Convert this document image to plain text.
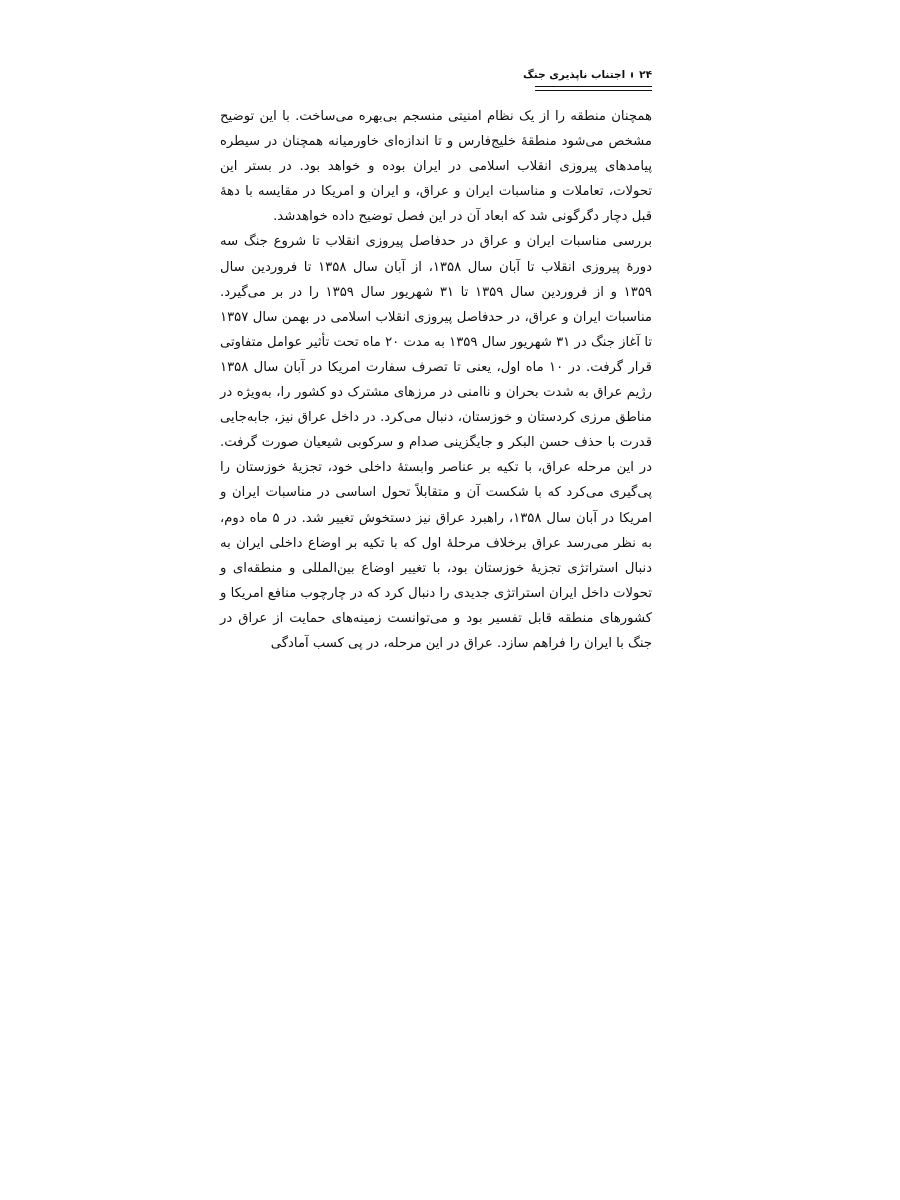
۲۴
اجتناب ناپذیری جنگ

همچنان منطقه را از یک نظام امنیتی منسجم بی‌بهره می‌ساخت. با این توضیح مشخص می‌شود منطقهٔ خلیج‌فارس و تا اندازه‌ای خاورمیانه همچنان در سیطره پیامدهای پیروزی انقلاب اسلامی در ایران بوده و خواهد بود. در بستر این تحولات، تعاملات و مناسبات ایران و عراق، و ایران و امریکا در مقایسه با دههٔ قبل دچار دگرگونی شد که ابعاد آن در این فصل توضیح داده خواهدشد.

بررسی مناسبات ایران و عراق در حدفاصل پیروزی انقلاب تا شروع جنگ سه دورهٔ پیروزی انقلاب تا آبان سال ۱۳۵۸، از آبان سال ۱۳۵۸ تا فروردین سال ۱۳۵۹ و از فروردین سال ۱۳۵۹ تا ۳۱ شهریور سال ۱۳۵۹ را در بر می‌گیرد. مناسبات ایران و عراق، در حدفاصل پیروزی انقلاب اسلامی در بهمن سال ۱۳۵۷ تا آغاز جنگ در ۳۱ شهریور سال ۱۳۵۹ به مدت ۲۰ ماه تحت تأثیر عوامل متفاوتی قرار گرفت. در ۱۰ ماه اول، یعنی تا تصرف سفارت امریکا در آبان سال ۱۳۵۸ رژیم عراق به شدت بحران و ناامنی در مرزهای مشترک دو کشور را، به‌ویژه در مناطق مرزی کردستان و خوزستان، دنبال می‌کرد. در داخل عراق نیز، جابه‌جایی قدرت با حذف حسن البکر و جایگزینی صدام و سرکوبی شیعیان صورت گرفت. در این مرحله عراق، با تکیه بر عناصر وابستهٔ داخلی خود، تجزیهٔ خوزستان را پی‌گیری می‌کرد که با شکست آن و متقابلاً تحول اساسی در مناسبات ایران و امریکا در آبان سال ۱۳۵۸، راهبرد عراق نیز دستخوش تغییر شد. در ۵ ماه دوم، به نظر می‌رسد عراق برخلاف مرحلهٔ اول که با تکیه بر اوضاع داخلی ایران به دنبال استراتژی تجزیهٔ خوزستان بود، با تغییر اوضاع بین‌المللی و منطقه‌ای و تحولات داخل ایران استراتژی جدیدی را دنبال کرد که در چارچوب منافع امریکا و کشورهای منطقه قابل تفسیر بود و می‌توانست زمینه‌های حمایت از عراق در جنگ با ایران را فراهم سازد. عراق در این مرحله، در پی کسب آمادگی
